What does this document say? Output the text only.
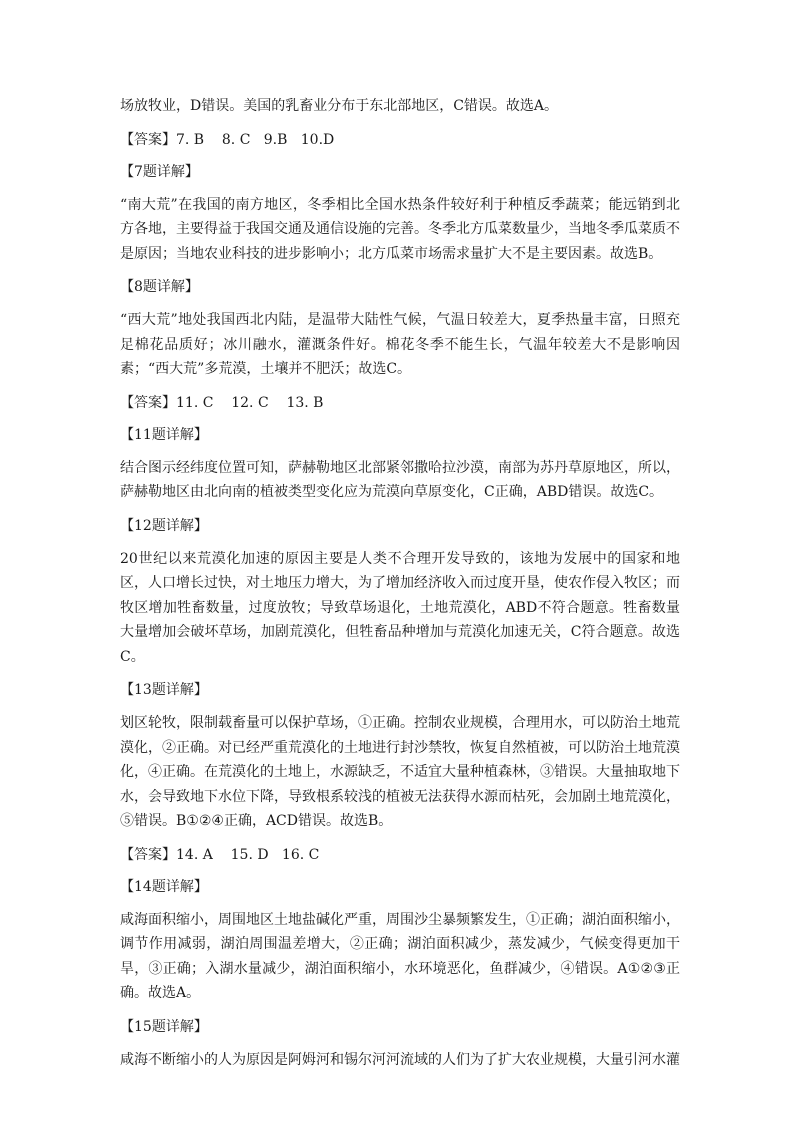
场放牧业，D错误。美国的乳畜业分布于东北部地区，C错误。故选A。

【答案】7. B    8. C   9.B   10.D

【7题详解】

“南大荒”在我国的南方地区，冬季相比全国水热条件较好利于种植反季蔬菜；能远销到北方各地，主要得益于我国交通及通信设施的完善。冬季北方瓜菜数量少，当地冬季瓜菜质不是原因；当地农业科技的进步影响小；北方瓜菜市场需求量扩大不是主要因素。故选B。

【8题详解】

“西大荒”地处我国西北内陆，是温带大陆性气候，气温日较差大，夏季热量丰富，日照充足棉花品质好；冰川融水，灌溉条件好。棉花冬季不能生长，气温年较差大不是影响因素；“西大荒”多荒漠，土壤并不肥沃；故选C。

【答案】11. C    12. C    13. B

【11题详解】

结合图示经纬度位置可知，萨赫勒地区北部紧邻撒哈拉沙漠，南部为苏丹草原地区，所以，萨赫勒地区由北向南的植被类型变化应为荒漠向草原变化，C正确，ABD错误。故选C。

【12题详解】

20世纪以来荒漠化加速的原因主要是人类不合理开发导致的，该地为发展中的国家和地区，人口增长过快，对土地压力增大，为了增加经济收入而过度开垦，使农作侵入牧区；而牧区增加牲畜数量，过度放牧；导致草场退化，土地荒漠化，ABD不符合题意。牲畜数量大量增加会破坏草场，加剧荒漠化，但牲畜品种增加与荒漠化加速无关，C符合题意。故选C。

【13题详解】

划区轮牧，限制载畜量可以保护草场，①正确。控制农业规模，合理用水，可以防治土地荒漠化，②正确。对已经严重荒漠化的土地进行封沙禁牧，恢复自然植被，可以防治土地荒漠化，④正确。在荒漠化的土地上，水源缺乏，不适宜大量种植森林，③错误。大量抽取地下水，会导致地下水位下降，导致根系较浅的植被无法获得水源而枯死，会加剧土地荒漠化，⑤错误。B①②④正确，ACD错误。故选B。

【答案】14. A    15. D   16. C

【14题详解】

咸海面积缩小，周围地区土地盐碱化严重，周围沙尘暴频繁发生，①正确；湖泊面积缩小，调节作用减弱，湖泊周围温差增大，②正确；湖泊面积减少，蒸发减少，气候变得更加干旱，③正确；入湖水量减少，湖泊面积缩小，水环境恶化，鱼群减少，④错误。A①②③正确。故选A。

【15题详解】

咸海不断缩小的人为原因是阿姆河和锡尔河河流域的人们为了扩大农业规模，大量引河水灌
